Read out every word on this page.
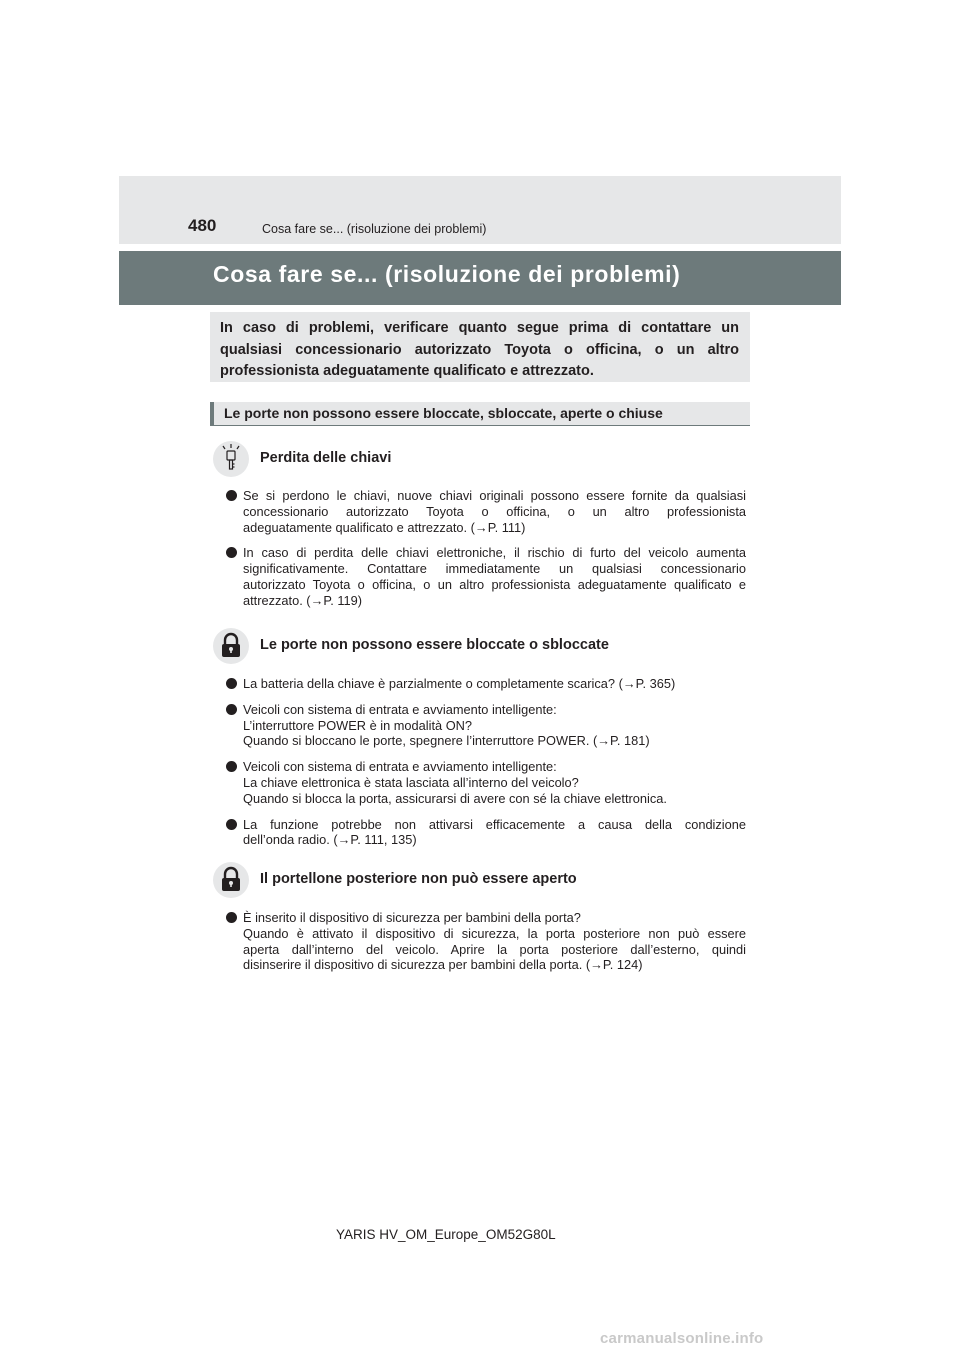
480	Cosa fare se... (risoluzione dei problemi)
Cosa fare se... (risoluzione dei problemi)

In caso di problemi, verificare quanto segue prima di contattare un qualsiasi concessionario autorizzato Toyota o officina, o un altro professionista adeguatamente qualificato e attrezzato.

Le porte non possono essere bloccate, sbloccate, aperte o chiuse
Perdita delle chiavi
Se si perdono le chiavi, nuove chiavi originali possono essere fornite da qualsiasi
concessionario autorizzato Toyota o officina, o un altro professionista
adeguatamente qualificato e attrezzato. (→P. 111)
In caso di perdita delle chiavi elettroniche, il rischio di furto del veicolo aumenta
significativamente. Contattare immediatamente un qualsiasi concessionario
autorizzato Toyota o officina, o un altro professionista adeguatamente qualificato e
attrezzato. (→P. 119)
Le porte non possono essere bloccate o sbloccate
La batteria della chiave è parzialmente o completamente scarica? (→P. 365)
Veicoli con sistema di entrata e avviamento intelligente:
L’interruttore POWER è in modalità ON?
Quando si bloccano le porte, spegnere l’interruttore POWER. (→P. 181)
Veicoli con sistema di entrata e avviamento intelligente:
La chiave elettronica è stata lasciata all’interno del veicolo?
Quando si blocca la porta, assicurarsi di avere con sé la chiave elettronica.
La funzione potrebbe non attivarsi efficacemente a causa della condizione
dell’onda radio. (→P. 111, 135)
Il portellone posteriore non può essere aperto
È inserito il dispositivo di sicurezza per bambini della porta?
Quando è attivato il dispositivo di sicurezza, la porta posteriore non può essere
aperta dall’interno del veicolo. Aprire la porta posteriore dall’esterno, quindi
disinserire il dispositivo di sicurezza per bambini della porta. (→P. 124)
YARIS HV_OM_Europe_OM52G80L
carmanualsonline.info
